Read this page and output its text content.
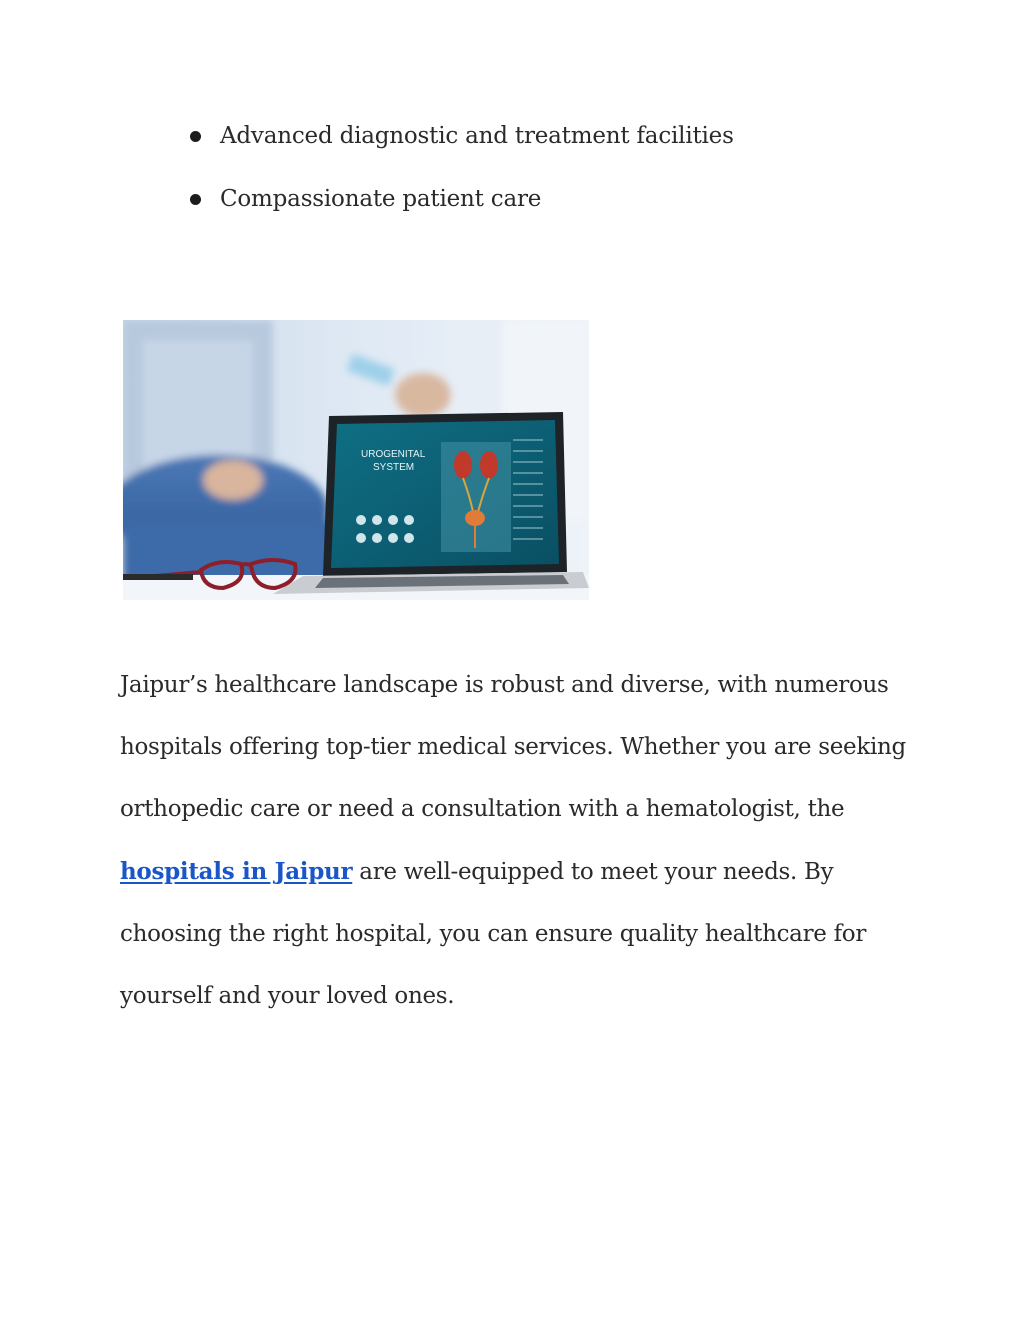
Advanced diagnostic and treatment facilities
Compassionate patient care
UROGENITAL
SYSTEM

Jaipur’s healthcare landscape is robust and diverse, with numerous hospitals offering top-tier medical services. Whether you are seeking orthopedic care or need a consultation with a hematologist, the hospitals in Jaipur are well-equipped to meet your needs. By choosing the right hospital, you can ensure quality healthcare for yourself and your loved ones.
